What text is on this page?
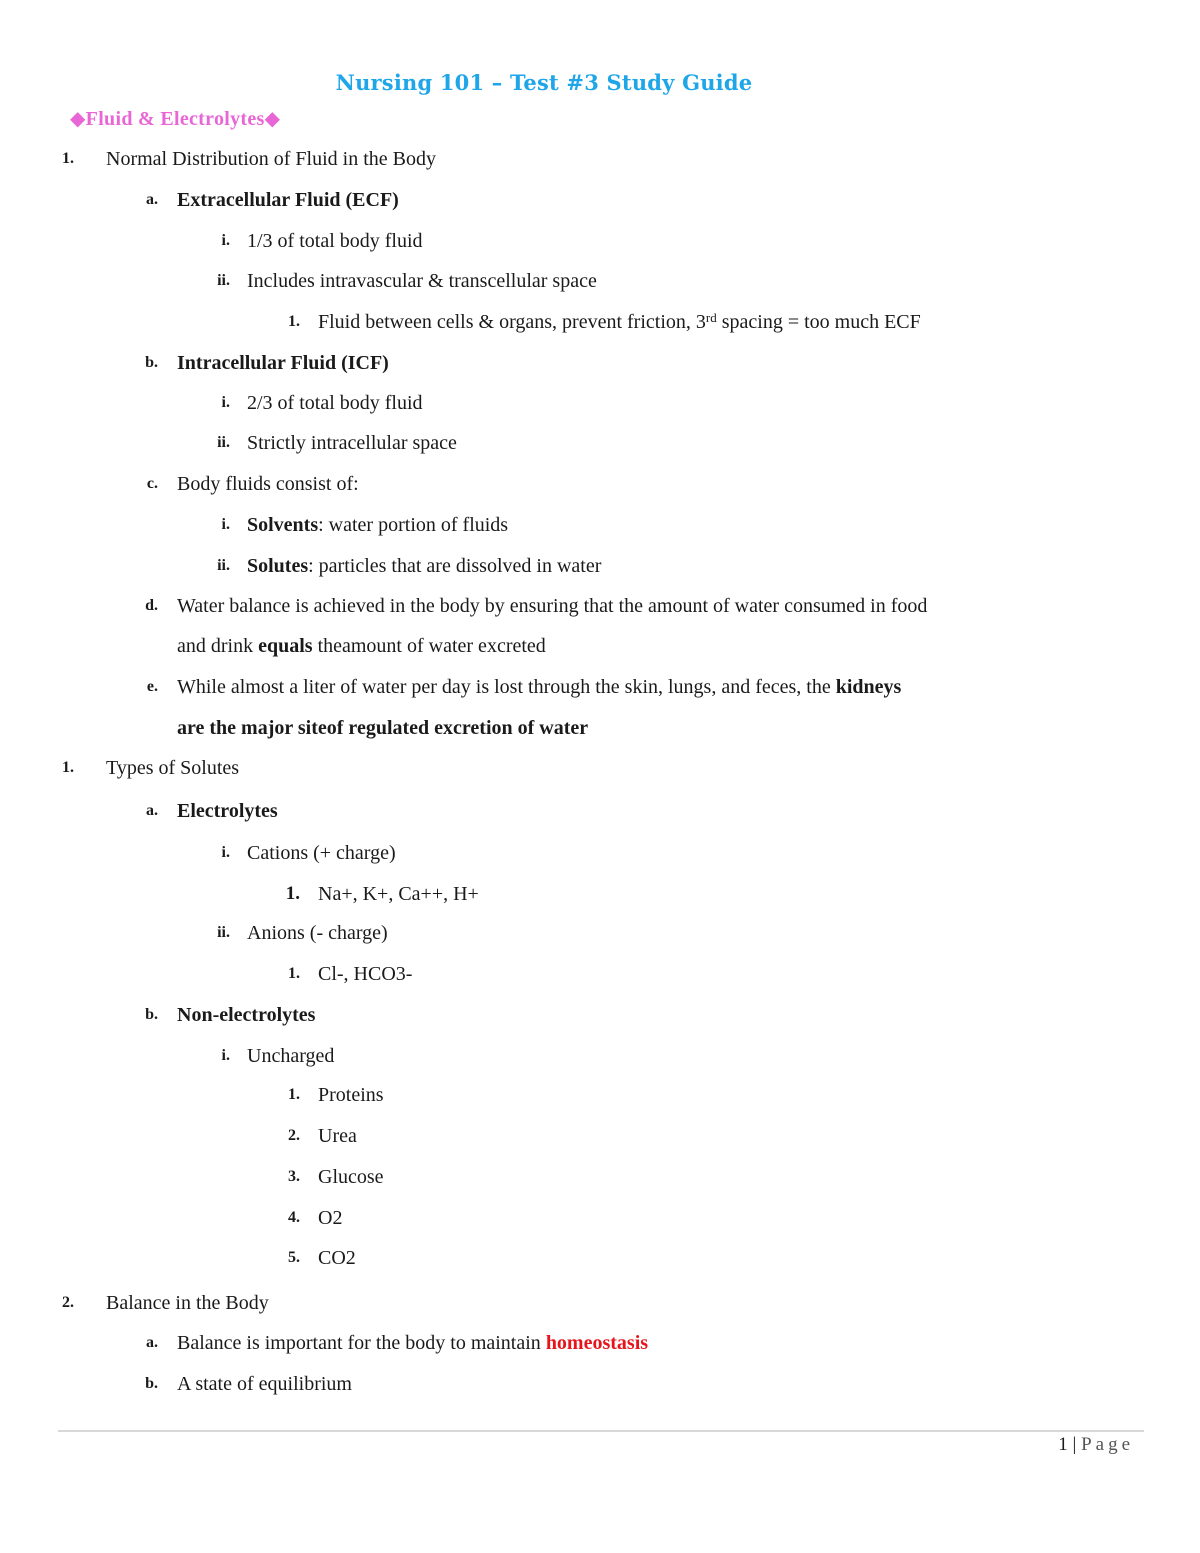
Nursing 101 – Test #3 Study Guide
◆Fluid & Electrolytes◆
1. Normal Distribution of Fluid in the Body
a. Extracellular Fluid (ECF)
i. 1/3 of total body fluid
ii. Includes intravascular & transcellular space
1. Fluid between cells & organs, prevent friction, 3rd spacing = too much ECF
b. Intracellular Fluid (ICF)
i. 2/3 of total body fluid
ii. Strictly intracellular space
c. Body fluids consist of:
i. Solvents: water portion of fluids
ii. Solutes: particles that are dissolved in water
d. Water balance is achieved in the body by ensuring that the amount of water consumed in food
and drink equals theamount of water excreted
e. While almost a liter of water per day is lost through the skin, lungs, and feces, the kidneys
are the major siteof regulated excretion of water
1. Types of Solutes
a. Electrolytes
i. Cations (+ charge)
1. Na+, K+, Ca++, H+
ii. Anions (- charge)
1. Cl-, HCO3-
b. Non-electrolytes
i. Uncharged
1. Proteins
2. Urea
3. Glucose
4. O2
5. CO2
2. Balance in the Body
a. Balance is important for the body to maintain homeostasis
b. A state of equilibrium
1 | Page
